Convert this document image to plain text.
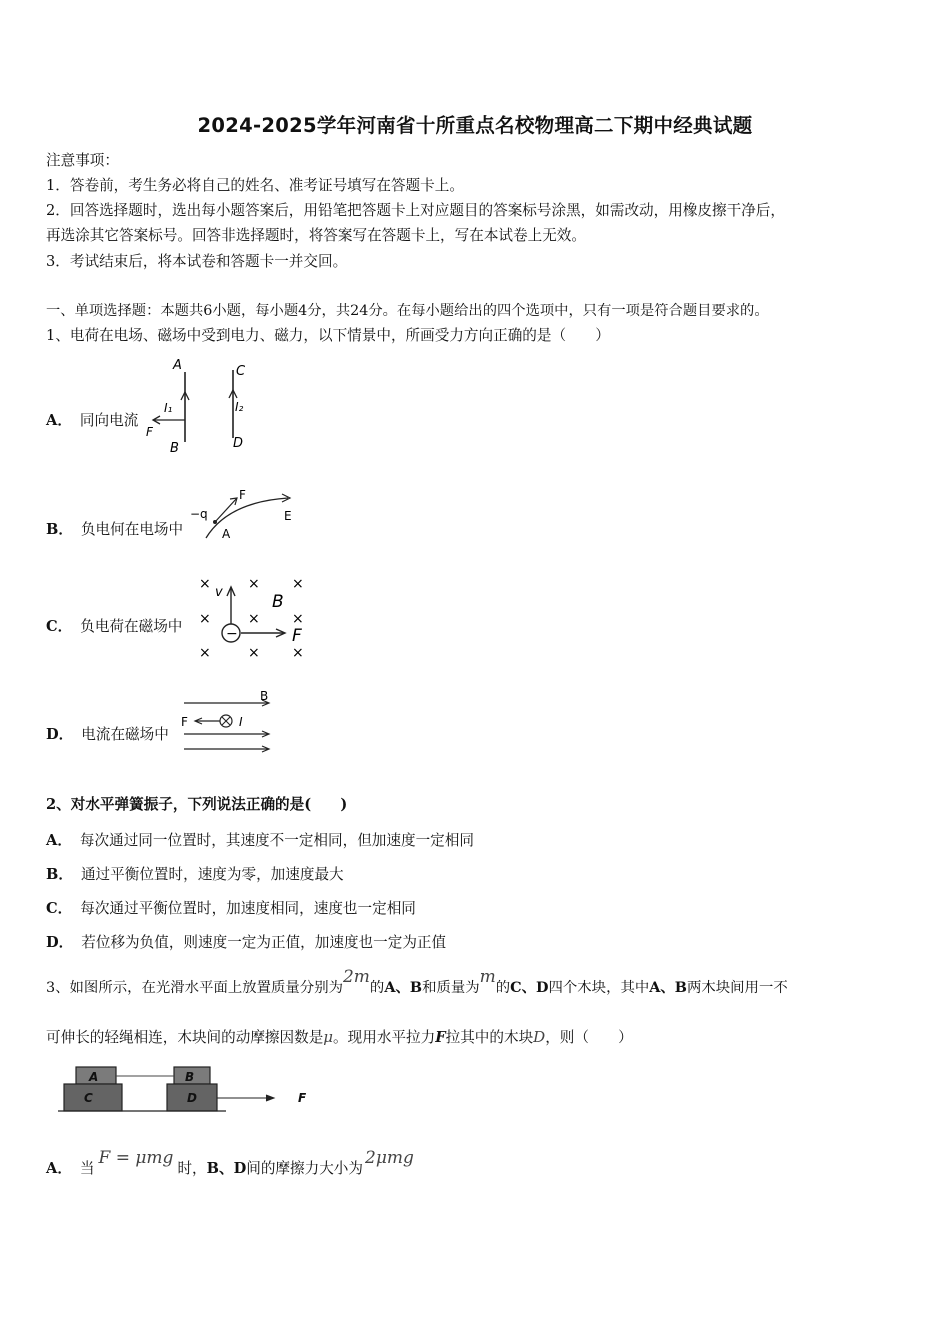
2024-2025学年河南省十所重点名校物理高二下期中经典试题
注意事项：
1．答卷前，考生务必将自己的姓名、准考证号填写在答题卡上。
2．回答选择题时，选出每小题答案后，用铅笔把答题卡上对应题目的答案标号涂黑，如需改动，用橡皮擦干净后，
再选涂其它答案标号。回答非选择题时，将答案写在答题卡上，写在本试卷上无效。
3．考试结束后，将本试卷和答题卡一并交回。
一、单项选择题：本题共6小题，每小题4分，共24分。在每小题给出的四个选项中，只有一项是符合题目要求的。
1、电荷在电场、磁场中受到电力、磁力，以下情景中，所画受力方向正确的是（　　）
A． 同向电流
A
B
I₁
F
C
I₂
D
B． 负电何在电场中
−q
F
E
A
C． 负电荷在磁场中
×	× ×
×	× ×
×	× ×
−
v	B
F
D． 电流在磁场中
B
F	I
2、对水平弹簧振子，下列说法正确的是(　　)
A． 每次通过同一位置时，其速度不一定相同，但加速度一定相同
B． 通过平衡位置时，速度为零，加速度最大
C． 每次通过平衡位置时，加速度相同，速度也一定相同
D． 若位移为负值，则速度一定为正值，加速度也一定为正值
3、如图所示，在光滑水平面上放置质量分别为2m的A、B和质量为m的C、D四个木块，其中A、B两木块间用一不
可伸长的轻绳相连，木块间的动摩擦因数是μ。现用水平拉力F拉其中的木块D，则（　　）
A
C
B
D	F
A． 当F = μmg时，B、D间的摩擦力大小为2μmg
